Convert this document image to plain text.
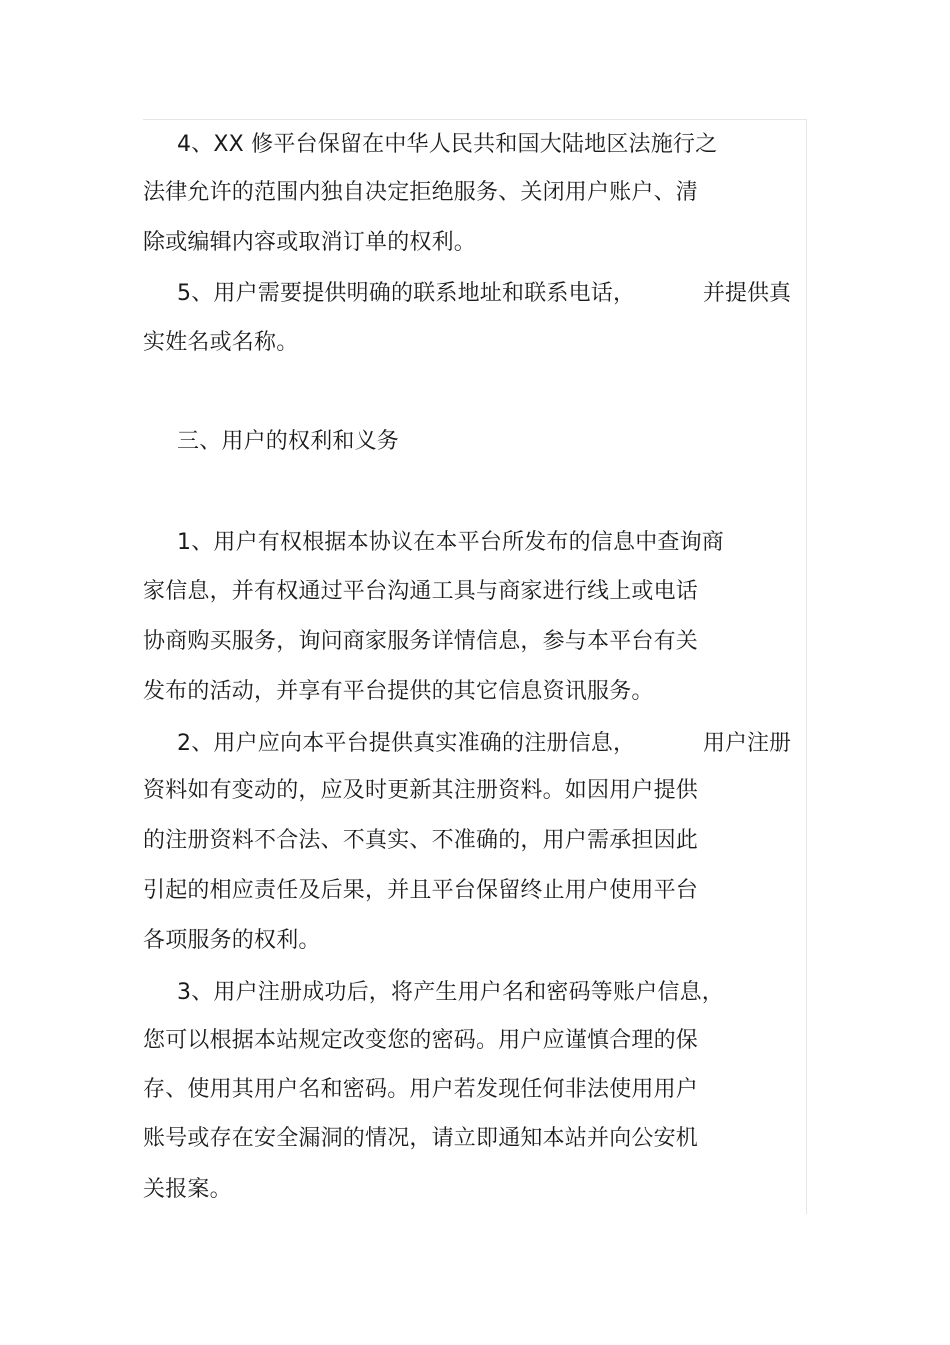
4、XX 修平台保留在中华人民共和国大陆地区法施行之
法律允许的范围内独自决定拒绝服务、关闭用户账户、清
除或编辑内容或取消订单的权利。
5、用户需要提供明确的联系地址和联系电话，	并提供真
实姓名或名称。
三、用户的权利和义务
1、用户有权根据本协议在本平台所发布的信息中查询商
家信息，并有权通过平台沟通工具与商家进行线上或电话
协商购买服务，询问商家服务详情信息，参与本平台有关
发布的活动，并享有平台提供的其它信息资讯服务。
2、用户应向本平台提供真实准确的注册信息，	用户注册
资料如有变动的，应及时更新其注册资料。如因用户提供
的注册资料不合法、不真实、不准确的，用户需承担因此
引起的相应责任及后果，并且平台保留终止用户使用平台
各项服务的权利。
3、用户注册成功后，将产生用户名和密码等账户信息，
您可以根据本站规定改变您的密码。用户应谨慎合理的保
存、使用其用户名和密码。用户若发现任何非法使用用户
账号或存在安全漏洞的情况，请立即通知本站并向公安机
关报案。
